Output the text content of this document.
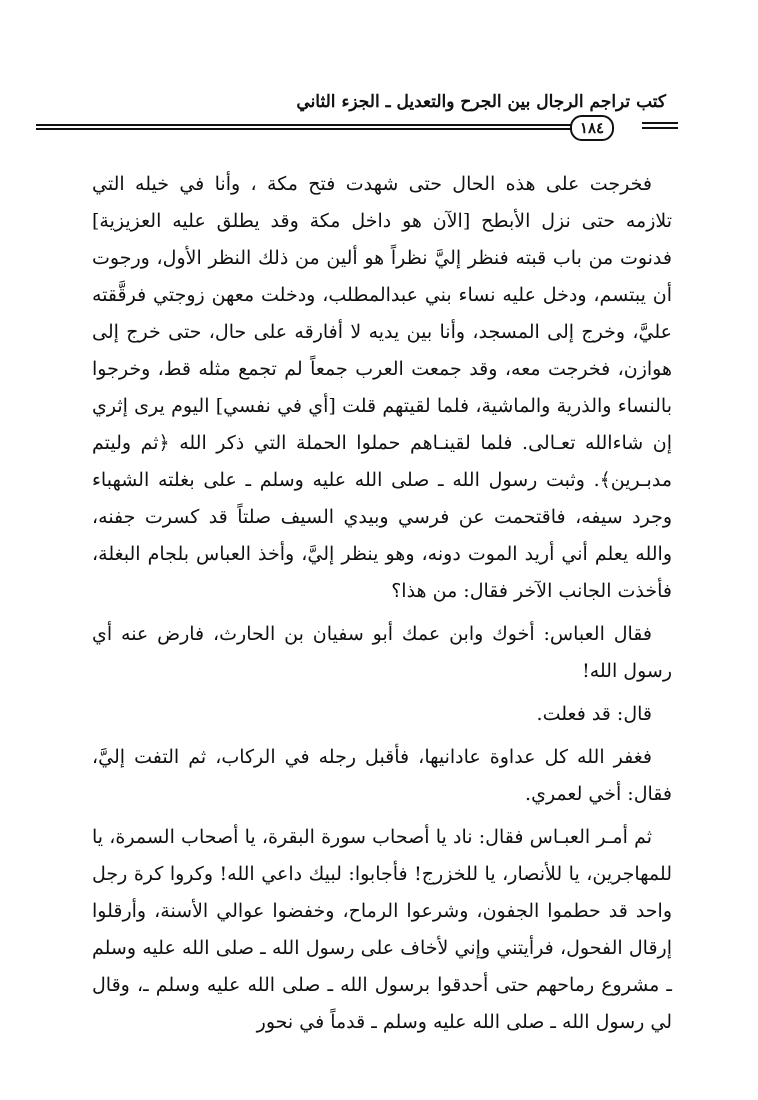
كتب تراجم الرجال بين الجرح والتعديل ـ الجزء الثاني
١٨٤

فخرجت على هذه الحال حتى شهدت فتح مكة ، وأنا في خيله التي تلازمه حتى نزل الأبطح [الآن هو داخل مكة وقد يطلق عليه العزيزية] فدنوت من باب قبته فنظر إليَّ نظراً هو ألين من ذلك النظر الأول، ورجوت أن يبتسم، ودخل عليه نساء بني عبدالمطلب، ودخلت معهن زوجتي فرقَّقته عليَّ، وخرج إلى المسجد، وأنا بين يديه لا أفارقه على حال، حتى خرج إلى هوازن، فخرجت معه، وقد جمعت العرب جمعاً لم تجمع مثله قط، وخرجوا بالنساء والذرية والماشية، فلما لقيتهم قلت [أي في نفسي] اليوم يرى إثري إن شاءالله تعـالى. فلما لقينـاهم حملوا الحملة التي ذكر الله ﴿ثم وليتم مدبـرين﴾. وثبت رسول الله ـ صلى الله عليه وسلم ـ على بغلته الشهباء وجرد سيفه، فاقتحمت عن فرسي وبيدي السيف صلتاً قد كسرت جفنه، والله يعلم أني أريد الموت دونه، وهو ينظر إليَّ، وأخذ العباس بلجام البغلة، فأخذت الجانب الآخر فقال: من هذا؟

فقال العباس: أخوك وابن عمك أبو سفيان بن الحارث، فارض عنه أي رسول الله!

قال: قد فعلت.

فغفر الله كل عداوة عادانيها، فأقبل رجله في الركاب، ثم التفت إليَّ، فقال: أخي لعمري.

ثم أمـر العبـاس فقال: ناد يا أصحاب سورة البقرة، يا أصحاب السمرة، يا للمهاجرين، يا للأنصار، يا للخزرج! فأجابوا: لبيك داعي الله! وكروا كرة رجل واحد قد حطموا الجفون، وشرعوا الرماح، وخفضوا عوالي الأسنة، وأرقلوا إرقال الفحول، فرأيتني وإني لأخاف على رسول الله ـ صلى الله عليه وسلم ـ مشروع رماحهم حتى أحدقوا برسول الله ـ صلى الله عليه وسلم ـ، وقال لي رسول الله ـ صلى الله عليه وسلم ـ قدماً في نحور
